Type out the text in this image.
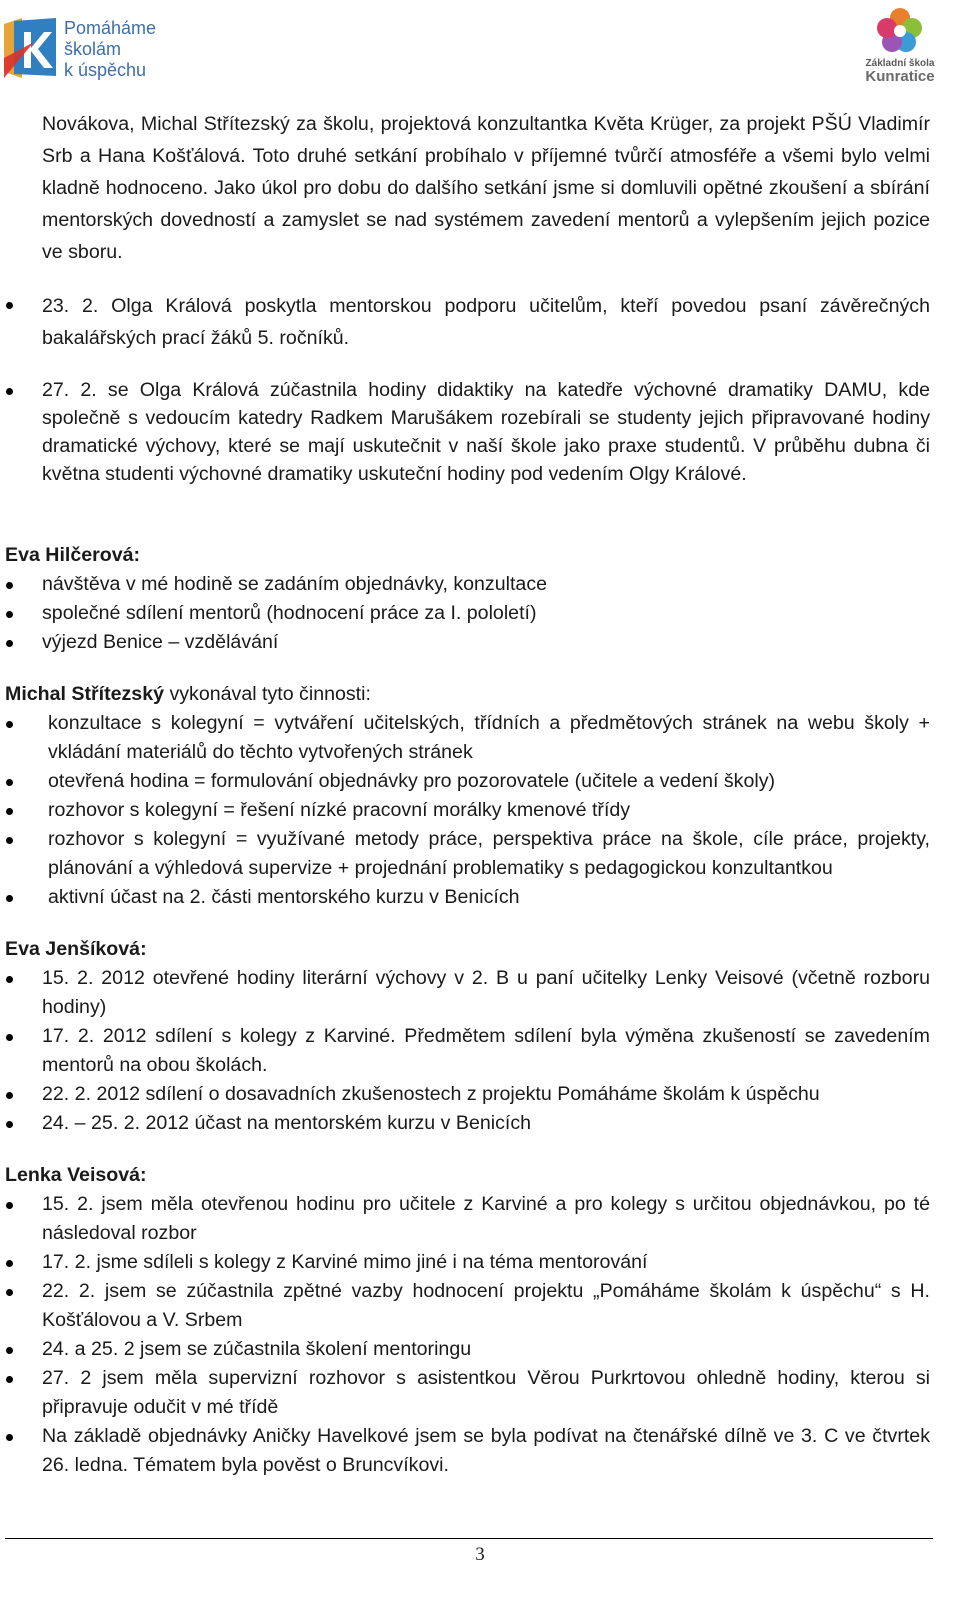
Pomáháme
školám
k úspěchu	Základní škola
Kunratice

Novákova, Michal Střítezský za školu, projektová konzultantka Květa Krüger, za projekt PŠÚ Vladimír Srb a Hana Košťálová. Toto druhé setkání probíhalo v příjemné tvůrčí atmosféře a všemi bylo velmi kladně hodnoceno. Jako úkol pro dobu do dalšího setkání jsme si domluvili opětné zkoušení a sbírání mentorských dovedností a zamyslet se nad systémem zavedení mentorů a vylepšením jejich pozice ve sboru.

23. 2. Olga Králová poskytla mentorskou podporu učitelům, kteří povedou psaní závěrečných bakalářských prací žáků 5. ročníků.
27. 2. se Olga Králová zúčastnila hodiny didaktiky na katedře výchovné dramatiky DAMU, kde společně s vedoucím katedry Radkem Marušákem rozebírali se studenty jejich připravované hodiny dramatické výchovy, které se mají uskutečnit v naší škole jako praxe studentů. V průběhu dubna či května studenti výchovné dramatiky uskuteční hodiny pod vedením Olgy Králové.
Eva Hilčerová:
návštěva v mé hodině se zadáním objednávky, konzultace
společné sdílení mentorů (hodnocení práce za I. pololetí)
výjezd Benice – vzdělávání
Michal Střítezský vykonával tyto činnosti:
konzultace s kolegyní = vytváření učitelských, třídních a předmětových stránek na webu školy + vkládání materiálů do těchto vytvořených stránek
otevřená hodina = formulování objednávky pro pozorovatele (učitele a vedení školy)
rozhovor s kolegyní = řešení nízké pracovní morálky kmenové třídy
rozhovor s kolegyní = využívané metody práce, perspektiva práce na škole, cíle práce, projekty, plánování a výhledová supervize + projednání problematiky s pedagogickou konzultantkou
aktivní účast na 2. části mentorského kurzu v Benicích
Eva Jenšíková:
15. 2. 2012 otevřené hodiny literární výchovy v 2. B u paní učitelky Lenky Veisové (včetně rozboru hodiny)
17. 2. 2012 sdílení s kolegy z Karviné. Předmětem sdílení byla výměna zkušeností se zavedením mentorů na obou školách.
22. 2. 2012 sdílení o dosavadních zkušenostech z projektu Pomáháme školám k úspěchu
24. – 25. 2. 2012 účast na mentorském kurzu v Benicích
Lenka Veisová:
15. 2. jsem měla otevřenou hodinu pro učitele z Karviné a pro kolegy s určitou objednávkou, po té následoval rozbor
17. 2. jsme sdíleli s kolegy z Karviné mimo jiné i na téma mentorování
22. 2. jsem se zúčastnila zpětné vazby hodnocení projektu „Pomáháme školám k úspěchu“ s H. Košťálovou a V. Srbem
24. a 25. 2 jsem se zúčastnila školení mentoringu
27. 2 jsem měla supervizní rozhovor s asistentkou Věrou Purkrtovou ohledně hodiny, kterou si připravuje odučit v mé třídě
Na základě objednávky Aničky Havelkové jsem se byla podívat na čtenářské dílně ve 3. C ve čtvrtek 26. ledna. Tématem byla pověst o Bruncvíkovi.
3
